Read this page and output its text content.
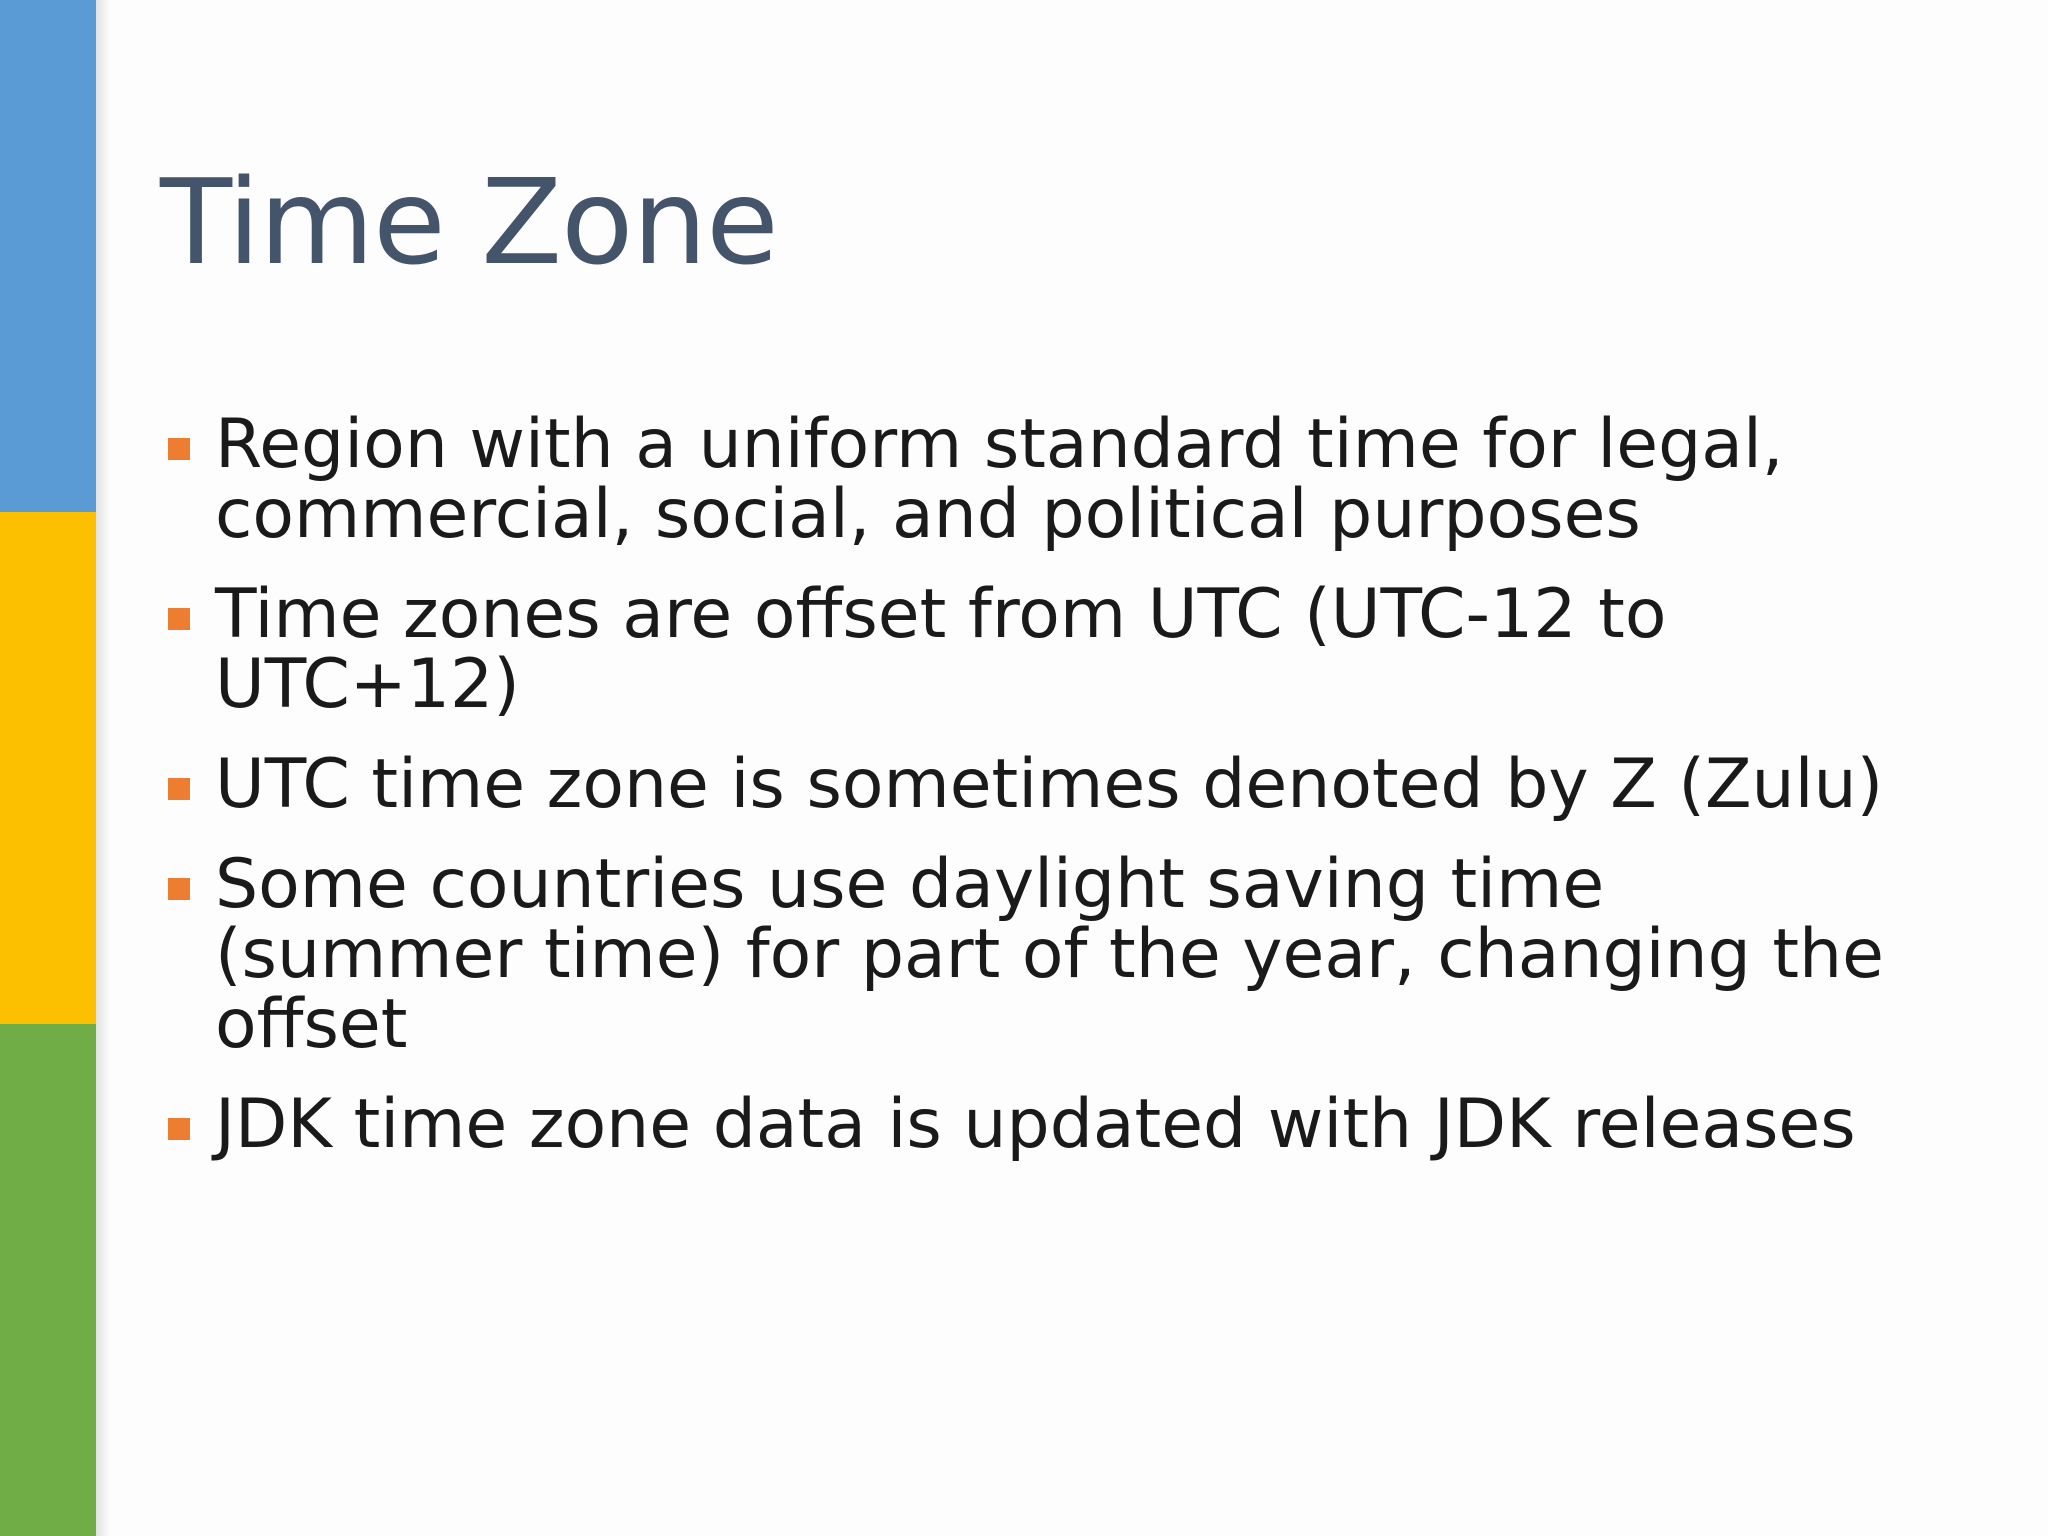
Time Zone
Region with a uniform standard time for legal, commercial, social, and political purposes
Time zones are offset from UTC (UTC-12 to UTC+12)
UTC time zone is sometimes denoted by Z (Zulu)
Some countries use daylight saving time (summer time) for part of the year, changing the offset
JDK time zone data is updated with JDK releases
